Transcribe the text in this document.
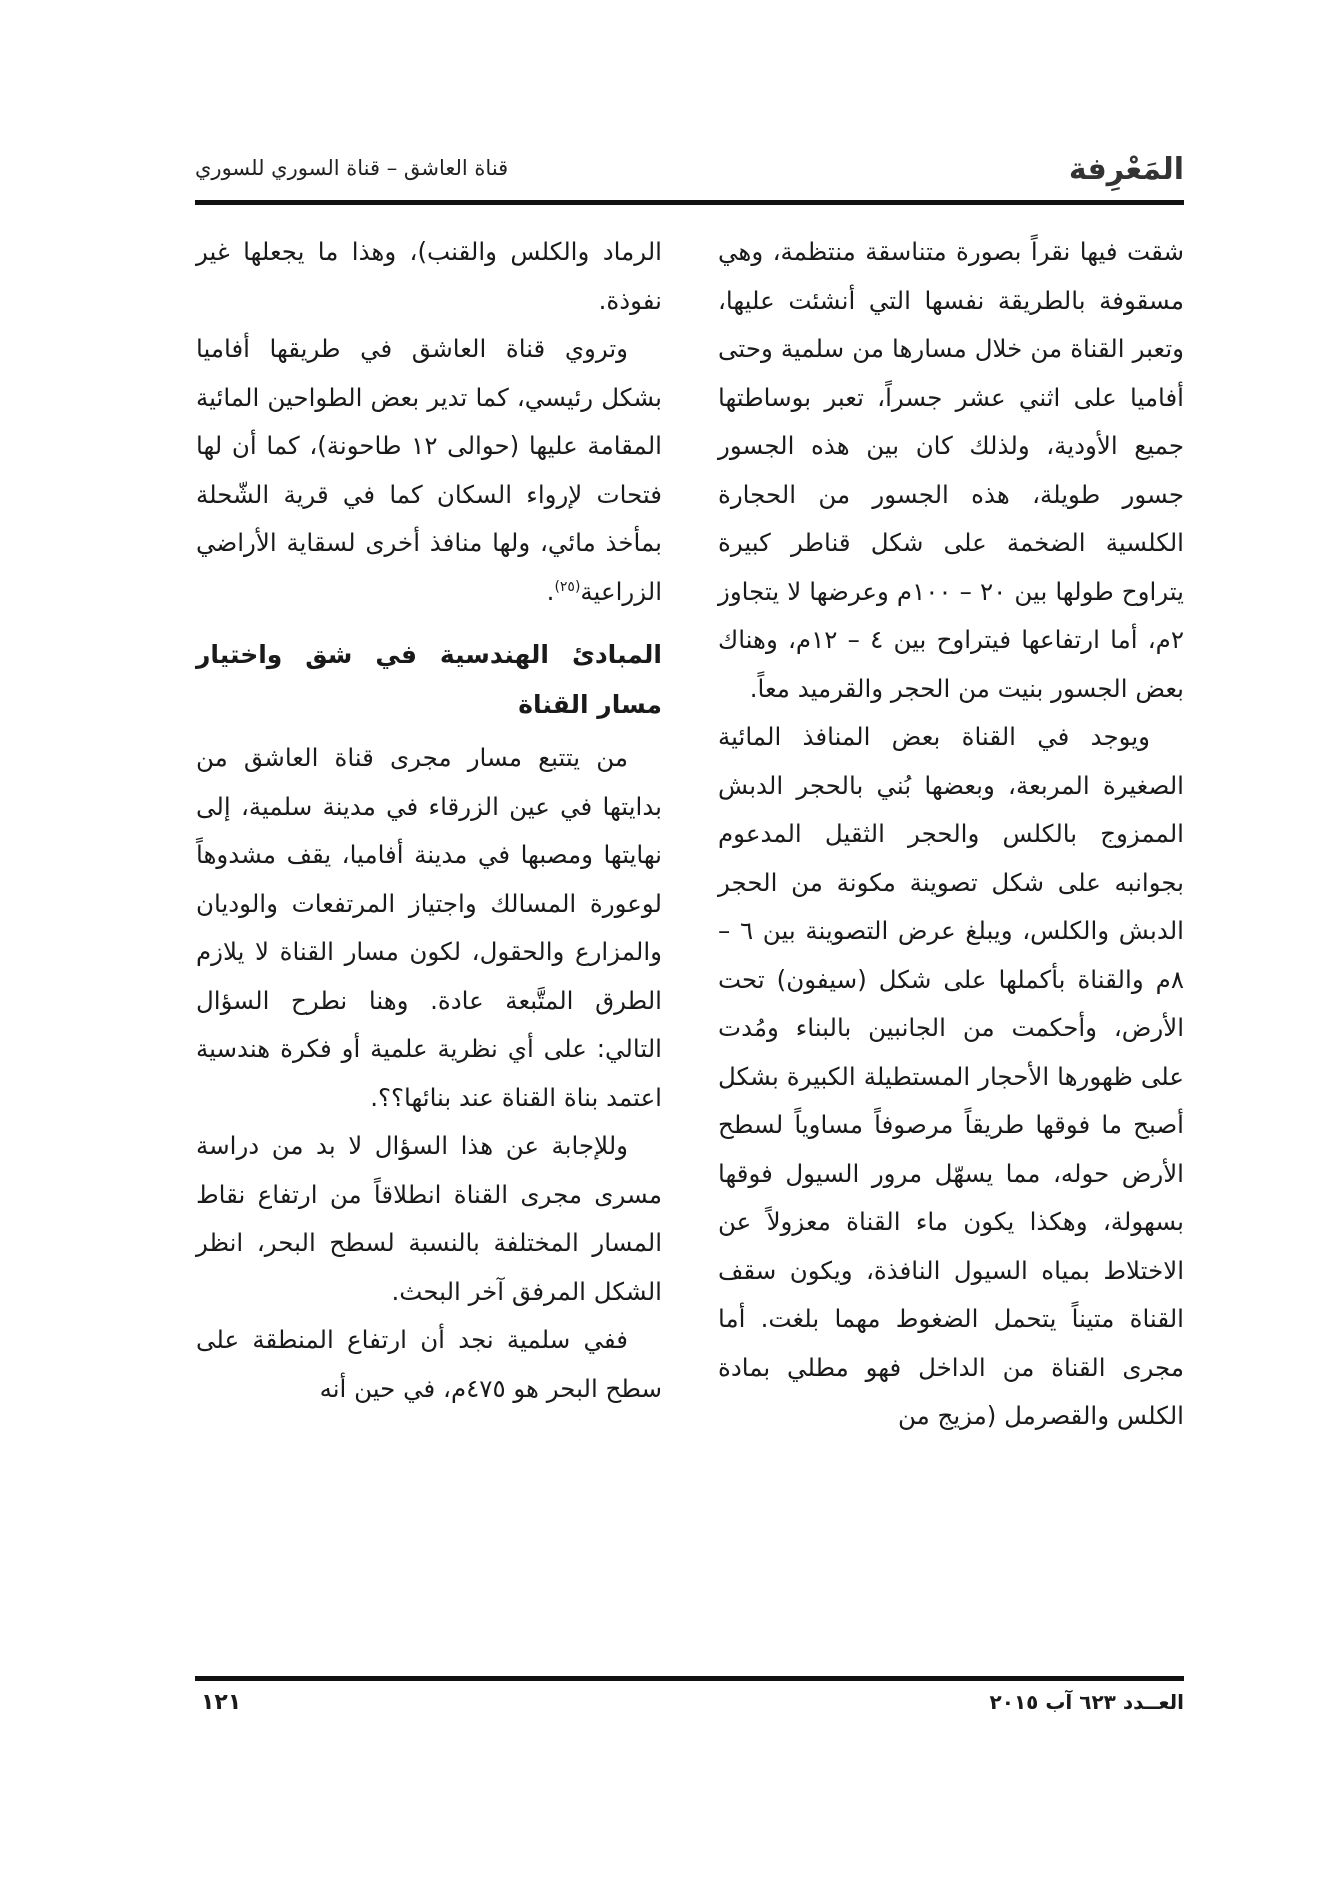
المَعْرِفة
قناة العاشق – قناة السوري للسوري

شقت فيها نقراً بصورة متناسقة منتظمة، وهي مسقوفة بالطريقة نفسها التي أنشئت عليها، وتعبر القناة من خلال مسارها من سلمية وحتى أفاميا على اثني عشر جسراً، تعبر بوساطتها جميع الأودية، ولذلك كان بين هذه الجسور جسور طويلة، هذه الجسور من الحجارة الكلسية الضخمة على شكل قناطر كبيرة يتراوح طولها بين ٢٠ – ١٠٠م وعرضها لا يتجاوز ٢م، أما ارتفاعها فيتراوح بين ٤ – ١٢م، وهناك بعض الجسور بنيت من الحجر والقرميد معاً.

ويوجد في القناة بعض المنافذ المائية الصغيرة المربعة، وبعضها بُني بالحجر الدبش الممزوج بالكلس والحجر الثقيل المدعوم بجوانبه على شكل تصوينة مكونة من الحجر الدبش والكلس، ويبلغ عرض التصوينة بين ٦ – ٨م والقناة بأكملها على شكل (سيفون) تحت الأرض، وأحكمت من الجانبين بالبناء ومُدت على ظهورها الأحجار المستطيلة الكبيرة بشكل أصبح ما فوقها طريقاً مرصوفاً مساوياً لسطح الأرض حوله، مما يسهّل مرور السيول فوقها بسهولة، وهكذا يكون ماء القناة معزولاً عن الاختلاط بمياه السيول النافذة، ويكون سقف القناة متيناً يتحمل الضغوط مهما بلغت. أما مجرى القناة من الداخل فهو مطلي بمادة الكلس والقصرمل (مزيج من

الرماد والكلس والقنب)، وهذا ما يجعلها غير نفوذة.

وتروي قناة العاشق في طريقها أفاميا بشكل رئيسي، كما تدير بعض الطواحين المائية المقامة عليها (حوالى ١٢ طاحونة)، كما أن لها فتحات لإرواء السكان كما في قرية الشّحلة بمأخذ مائي، ولها منافذ أخرى لسقاية الأراضي الزراعية$^{(٢٥)}$.

المبادئ الهندسية في شق واختيار مسار القناة

من يتتبع مسار مجرى قناة العاشق من بدايتها في عين الزرقاء في مدينة سلمية، إلى نهايتها ومصبها في مدينة أفاميا، يقف مشدوهاً لوعورة المسالك واجتياز المرتفعات والوديان والمزارع والحقول، لكون مسار القناة لا يلازم الطرق المتَّبعة عادة. وهنا نطرح السؤال التالي: على أي نظرية علمية أو فكرة هندسية اعتمد بناة القناة عند بنائها؟؟.

وللإجابة عن هذا السؤال لا بد من دراسة مسرى مجرى القناة انطلاقاً من ارتفاع نقاط المسار المختلفة بالنسبة لسطح البحر، انظر الشكل المرفق آخر البحث.

ففي سلمية نجد أن ارتفاع المنطقة على سطح البحر هو ٤٧٥م، في حين أنه

العــدد ٦٢٣ آب ٢٠١٥
١٢١
